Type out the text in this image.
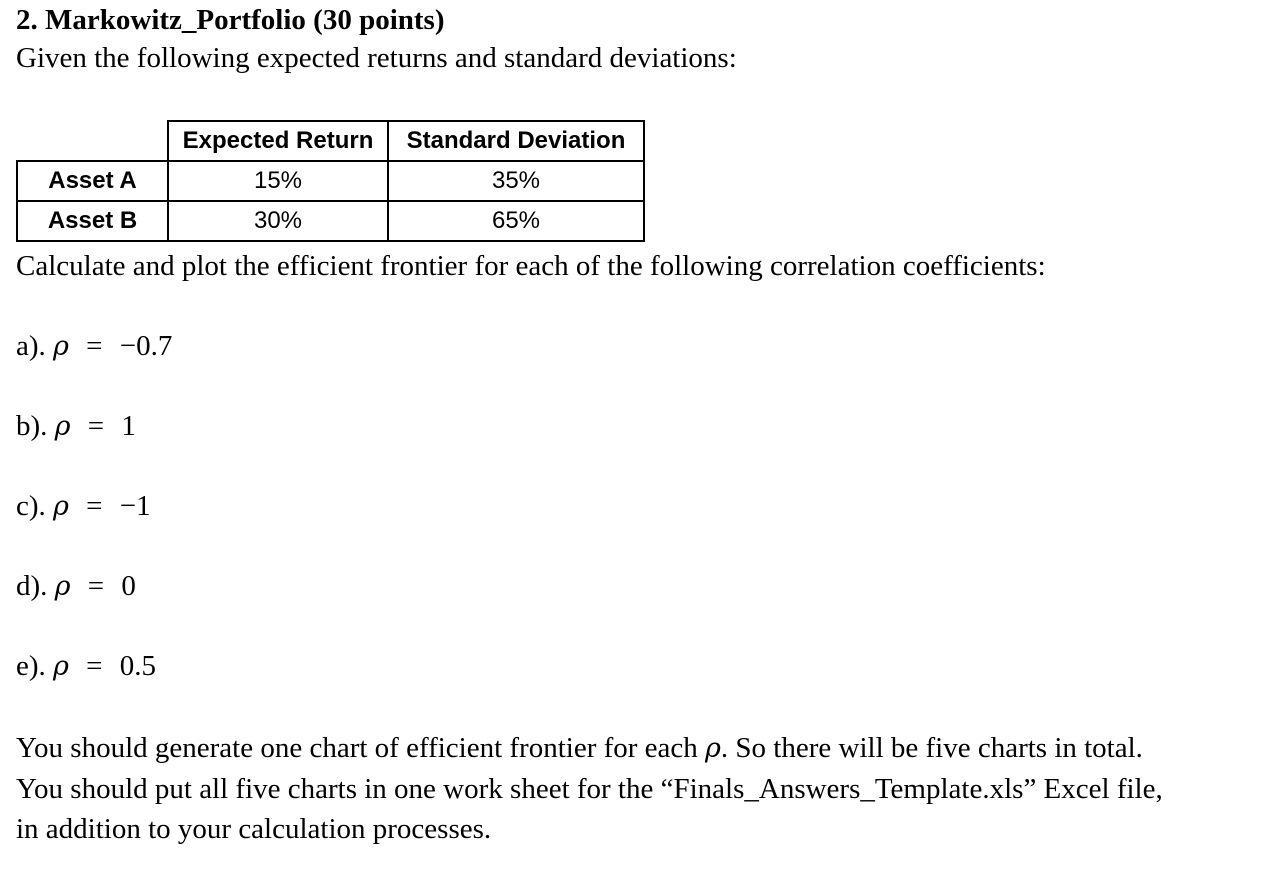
2. Markowitz_Portfolio (30 points)
Given the following expected returns and standard deviations:
	Expected Return	Standard Deviation
Asset A	15%	35%
Asset B	30%	65%
Calculate and plot the efficient frontier for each of the following correlation coefficients:
a). ρ = −0.7
b). ρ = 1
c). ρ = −1
d). ρ = 0
e). ρ = 0.5

You should generate one chart of efficient frontier for each ρ. So there will be five charts in total.

You should put all five charts in one work sheet for the “Finals_Answers_Template.xls” Excel file,

in addition to your calculation processes.
